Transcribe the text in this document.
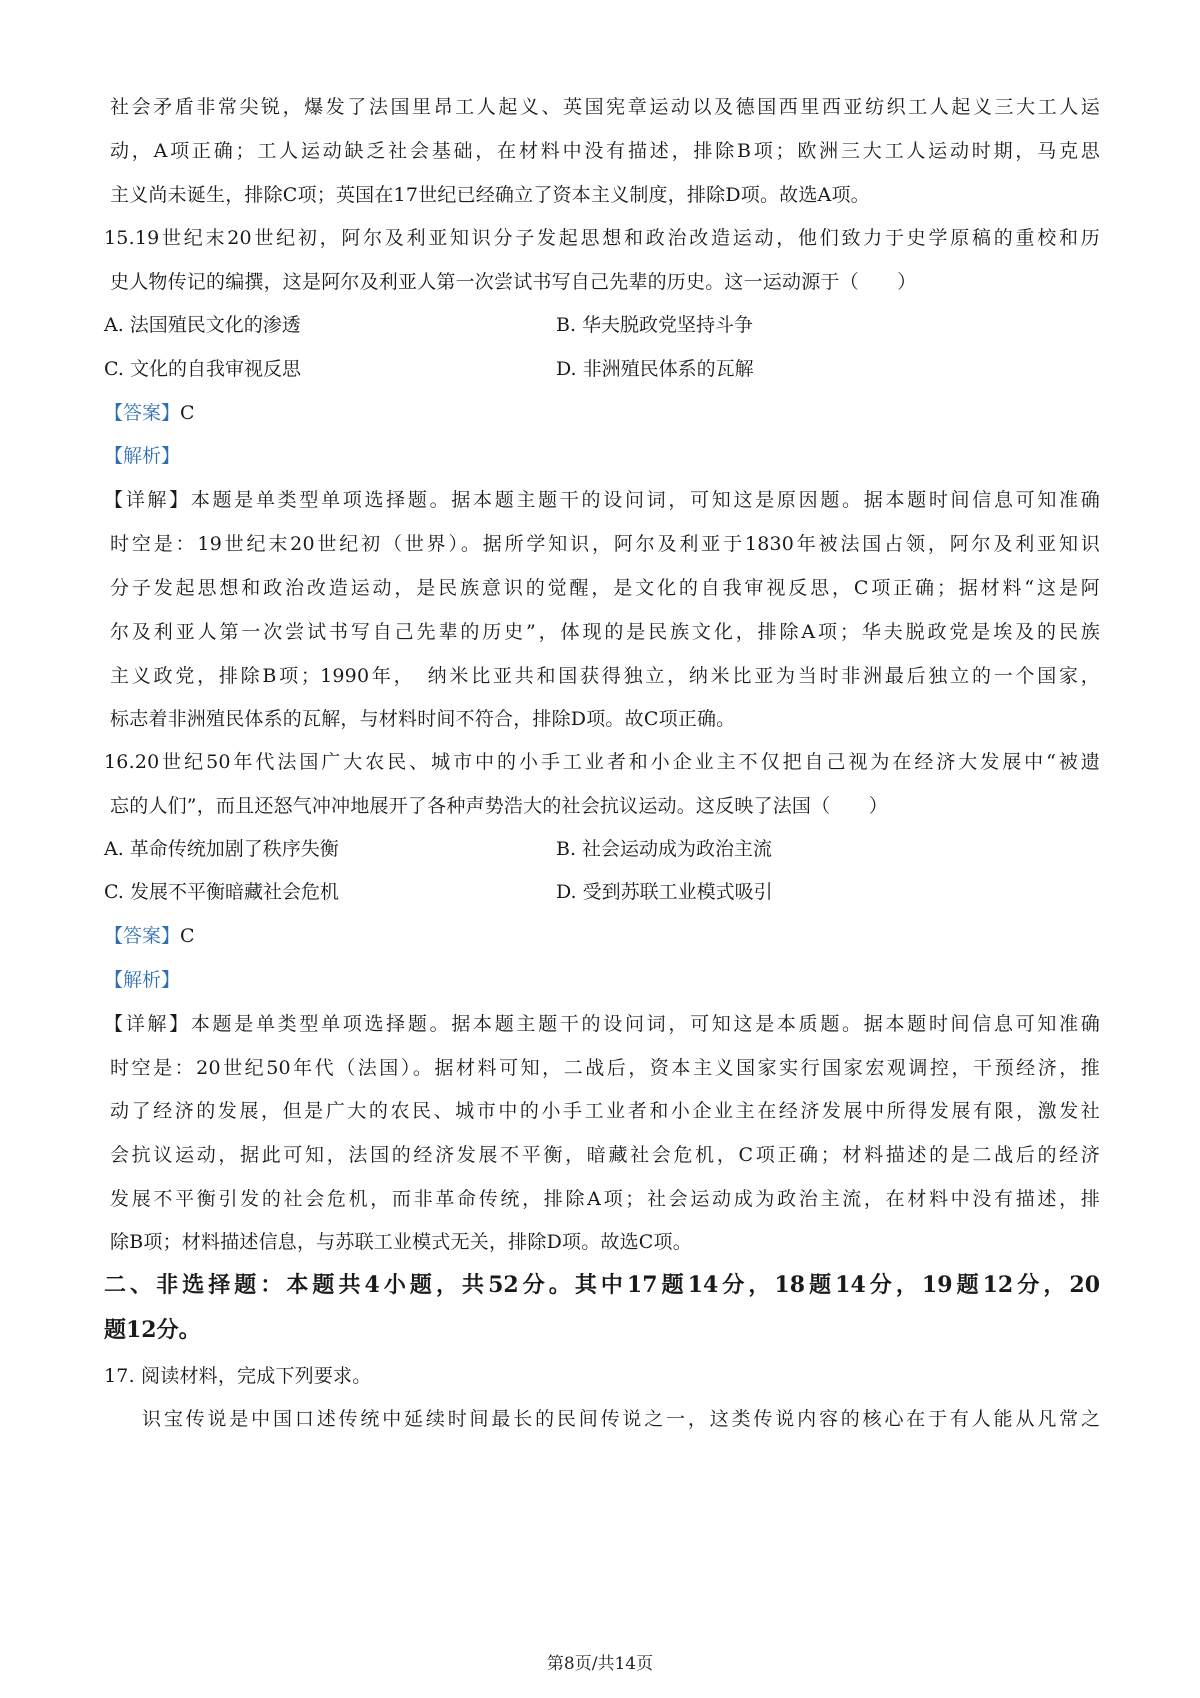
社会矛盾非常尖锐，爆发了法国里昂工人起义、英国宪章运动以及德国西里西亚纺织工人起义三大工人运
动，A项正确；工人运动缺乏社会基础，在材料中没有描述，排除B项；欧洲三大工人运动时期，马克思
主义尚未诞生，排除C项；英国在17世纪已经确立了资本主义制度，排除D项。故选A项。
15.19世纪末20世纪初，阿尔及利亚知识分子发起思想和政治改造运动，他们致力于史学原稿的重校和历
史人物传记的编撰，这是阿尔及利亚人第一次尝试书写自己先辈的历史。这一运动源于（　　）
A. 法国殖民文化的渗透	B. 华夫脱政党坚持斗争
C. 文化的自我审视反思	D. 非洲殖民体系的瓦解
【答案】C
【解析】
【详解】本题是单类型单项选择题。据本题主题干的设问词，可知这是原因题。据本题时间信息可知准确
时空是：19世纪末20世纪初（世界）。据所学知识，阿尔及利亚于1830年被法国占领，阿尔及利亚知识
分子发起思想和政治改造运动，是民族意识的觉醒，是文化的自我审视反思，C项正确；据材料“这是阿
尔及利亚人第一次尝试书写自己先辈的历史”，体现的是民族文化，排除A项；华夫脱政党是埃及的民族
主义政党，排除B项；1990年，　纳米比亚共和国获得独立，纳米比亚为当时非洲最后独立的一个国家，
标志着非洲殖民体系的瓦解，与材料时间不符合，排除D项。故C项正确。
16.20世纪50年代法国广大农民、城市中的小手工业者和小企业主不仅把自己视为在经济大发展中“被遗
忘的人们”，而且还怒气冲冲地展开了各种声势浩大的社会抗议运动。这反映了法国（　　）
A. 革命传统加剧了秩序失衡	B. 社会运动成为政治主流
C. 发展不平衡暗藏社会危机	D. 受到苏联工业模式吸引
【答案】C
【解析】
【详解】本题是单类型单项选择题。据本题主题干的设问词，可知这是本质题。据本题时间信息可知准确
时空是：20世纪50年代（法国）。据材料可知，二战后，资本主义国家实行国家宏观调控，干预经济，推
动了经济的发展，但是广大的农民、城市中的小手工业者和小企业主在经济发展中所得发展有限，激发社
会抗议运动，据此可知，法国的经济发展不平衡，暗藏社会危机，C项正确；材料描述的是二战后的经济
发展不平衡引发的社会危机，而非革命传统，排除A项；社会运动成为政治主流，在材料中没有描述，排
除B项；材料描述信息，与苏联工业模式无关，排除D项。故选C项。
二、非选择题：本题共4小题，共52分。其中17题14分，18题14分，19题12分，20
题12分。
17. 阅读材料，完成下列要求。
识宝传说是中国口述传统中延续时间最长的民间传说之一，这类传说内容的核心在于有人能从凡常之
第8页/共14页
